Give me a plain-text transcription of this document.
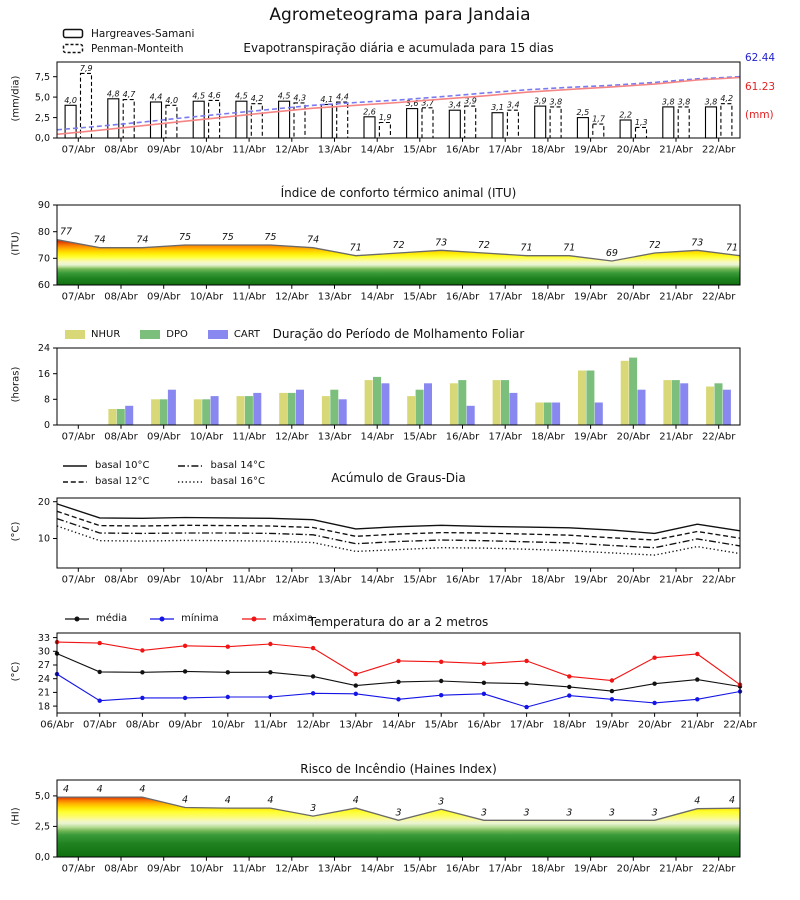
4,0
7,9
4,8 4,7 4,4 4,0 4,5 4,6 4,5 4,2 4,5 4,3 4,1 4,4
2,6
1,9
3,6 3,7 3,4 3,9
3,1 3,4 3,9 3,8
2,5
1,7 2,2
1,3
3,8 3,8 3,8 4,2
0,0
2,5
5,0
7,5
07/Abr 08/Abr 09/Abr 10/Abr 11/Abr 12/Abr 13/Abr 14/Abr 15/Abr 16/Abr 17/Abr 18/Abr 19/Abr 20/Abr 21/Abr 22/Abr
77
74	74	75	75	75	74
71	72	73	72	71	71	69
72	73 71
60
70
80
90
07/Abr 08/Abr 09/Abr 10/Abr 11/Abr 12/Abr 13/Abr 14/Abr 15/Abr 16/Abr 17/Abr 18/Abr 19/Abr 20/Abr 21/Abr 22/Abr
0
8
16
24
07/Abr 08/Abr 09/Abr 10/Abr 11/Abr 12/Abr 13/Abr 14/Abr 15/Abr 16/Abr 17/Abr 18/Abr 19/Abr 20/Abr 21/Abr 22/Abr
10
20
07/Abr 08/Abr 09/Abr 10/Abr 11/Abr 12/Abr 13/Abr 14/Abr 15/Abr 16/Abr 17/Abr 18/Abr 19/Abr 20/Abr 21/Abr 22/Abr
18
21
24
27
30
33
06/Abr 07/Abr 08/Abr 09/Abr 10/Abr 11/Abr 12/Abr 13/Abr 14/Abr 15/Abr 16/Abr 17/Abr 18/Abr 19/Abr 20/Abr 21/Abr 22/Abr
4	4	4
4	4	4
3
4
3
3
3	3	3	3	3
4	4
0,0
2,5
5,0
07/Abr 08/Abr 09/Abr 10/Abr 11/Abr 12/Abr 13/Abr 14/Abr 15/Abr 16/Abr 17/Abr 18/Abr 19/Abr 20/Abr 21/Abr 22/Abr
Agrometeograma para Jandaia
Evapotranspiração diária e acumulada para 15 dias
Hargreaves-Samani
Penman-Monteith
(mm/dia)
62.44
61.23
(mm)
Índice de conforto térmico animal (ITU)
(ITU)
Duração do Período de Molhamento Foliar
NHUR	DPO	CART
(horas)
Acúmulo de Graus-Dia
basal 10°C	basal 14°C
basal 12°C	basal 16°C
(°C)
Temperatura do ar a 2 metros
média	mínima	máxima
(°C)
Risco de Incêndio (Haines Index)
(HI)
